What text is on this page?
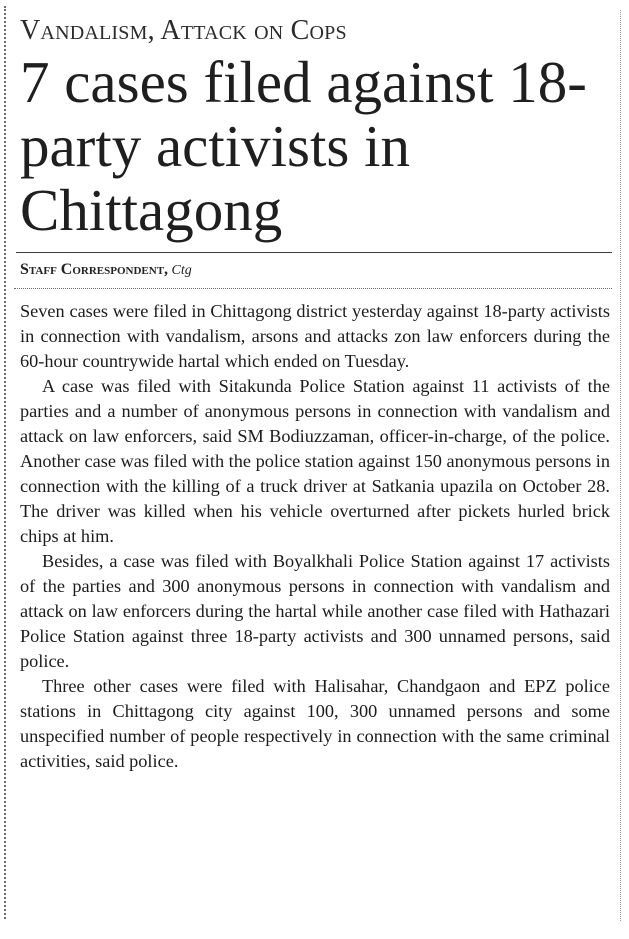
Vandalism, Attack on Cops
7 cases filed against 18-party activists in Chittagong
Staff Correspondent, Ctg

Seven cases were filed in Chittagong district yesterday against 18-party activists in connection with vandalism, arsons and attacks zon law enforcers during the 60-hour countrywide hartal which ended on Tuesday.

A case was filed with Sitakunda Police Station against 11 activists of the parties and a number of anonymous persons in connection with vandalism and attack on law enforcers, said SM Bodiuzzaman, officer-in-charge, of the police. Another case was filed with the police station against 150 anonymous persons in connection with the killing of a truck driver at Satkania upazila on October 28. The driver was killed when his vehicle overturned after pickets hurled brick chips at him.

Besides, a case was filed with Boyalkhali Police Station against 17 activists of the parties and 300 anonymous persons in connection with vandalism and attack on law enforcers during the hartal while another case filed with Hathazari Police Station against three 18-party activists and 300 unnamed persons, said police.

Three other cases were filed with Halisahar, Chandgaon and EPZ police stations in Chittagong city against 100, 300 unnamed persons and some unspecified number of people respectively in connection with the same criminal activities, said police.
